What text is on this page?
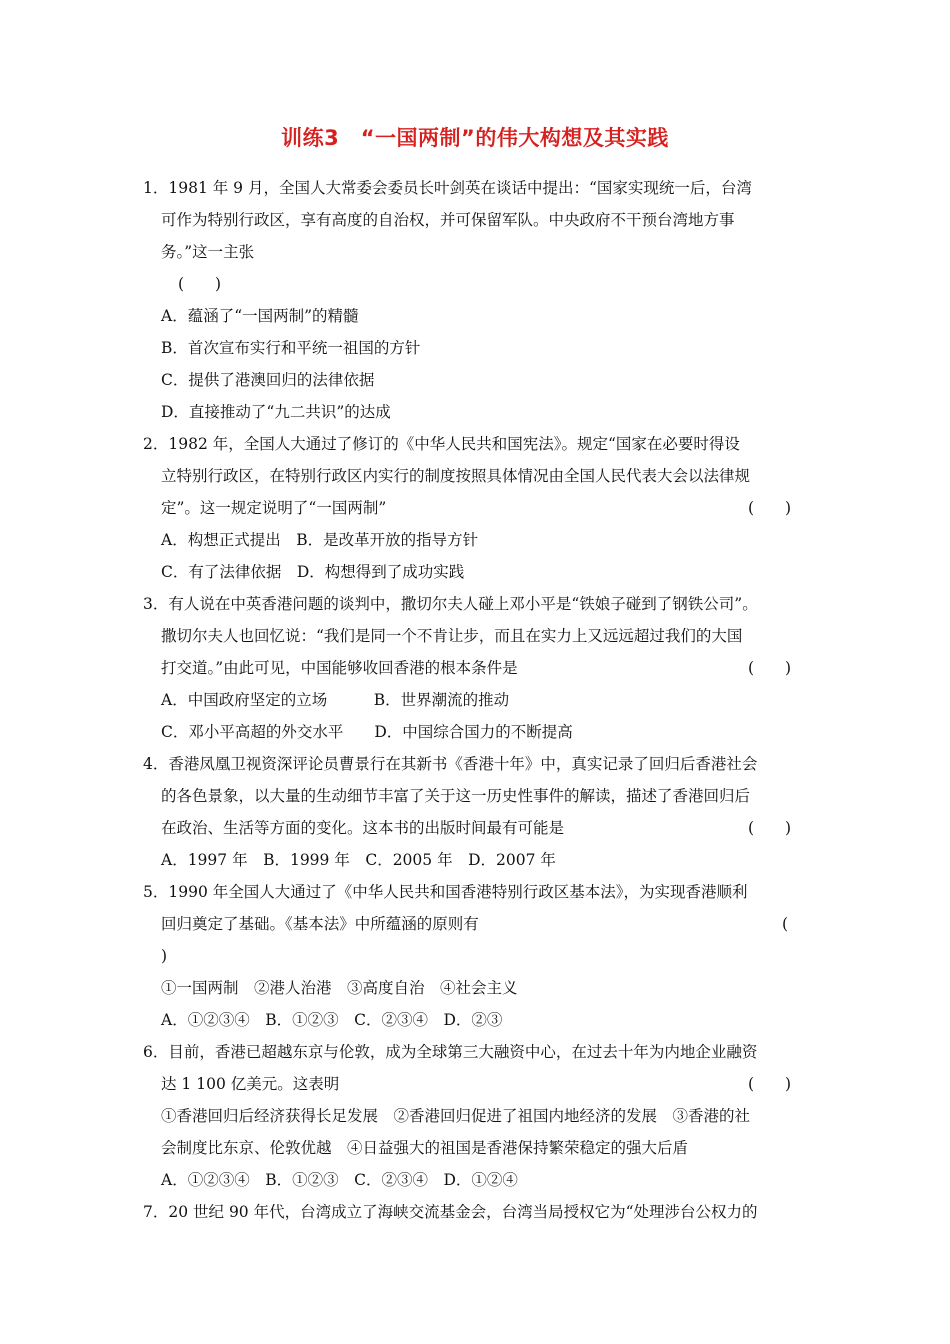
训练3　“一国两制”的伟大构想及其实践
1．1981 年 9 月，全国人大常委会委员长叶剑英在谈话中提出：“国家实现统一后，台湾
可作为特别行政区，享有高度的自治权，并可保留军队。中央政府不干预台湾地方事
务。”这一主张
(　　)
A．蕴涵了“一国两制”的精髓
B．首次宣布实行和平统一祖国的方针
C．提供了港澳回归的法律依据
D．直接推动了“九二共识”的达成
2．1982 年，全国人大通过了修订的《中华人民共和国宪法》。规定“国家在必要时得设
立特别行政区，在特别行政区内实行的制度按照具体情况由全国人民代表大会以法律规
定”。这一规定说明了“一国两制”	(　　)
A．构想正式提出　B．是改革开放的指导方针
C．有了法律依据　D．构想得到了成功实践
3．有人说在中英香港问题的谈判中，撒切尔夫人碰上邓小平是“铁娘子碰到了钢铁公司”。
撒切尔夫人也回忆说：“我们是同一个不肯让步，而且在实力上又远远超过我们的大国
打交道。”由此可见，中国能够收回香港的根本条件是	(　　)
A．中国政府坚定的立场　　　B．世界潮流的推动
C．邓小平高超的外交水平　　D．中国综合国力的不断提高
4．香港凤凰卫视资深评论员曹景行在其新书《香港十年》中，真实记录了回归后香港社会
的各色景象，以大量的生动细节丰富了关于这一历史性事件的解读，描述了香港回归后
在政治、生活等方面的变化。这本书的出版时间最有可能是	(　　)
A．1997 年　B．1999 年　C．2005 年　D．2007 年
5．1990 年全国人大通过了《中华人民共和国香港特别行政区基本法》，为实现香港顺利
回归奠定了基础。《基本法》中所蕴涵的原则有	(
)
①一国两制　②港人治港　③高度自治　④社会主义
A．①②③④　B．①②③　C．②③④　D．②③
6．目前，香港已超越东京与伦敦，成为全球第三大融资中心，在过去十年为内地企业融资
达 1 100 亿美元。这表明	(　　)
①香港回归后经济获得长足发展　②香港回归促进了祖国内地经济的发展　③香港的社
会制度比东京、伦敦优越　④日益强大的祖国是香港保持繁荣稳定的强大后盾
A．①②③④　B．①②③　C．②③④　D．①②④
7．20 世纪 90 年代，台湾成立了海峡交流基金会，台湾当局授权它为“处理涉台公权力的
